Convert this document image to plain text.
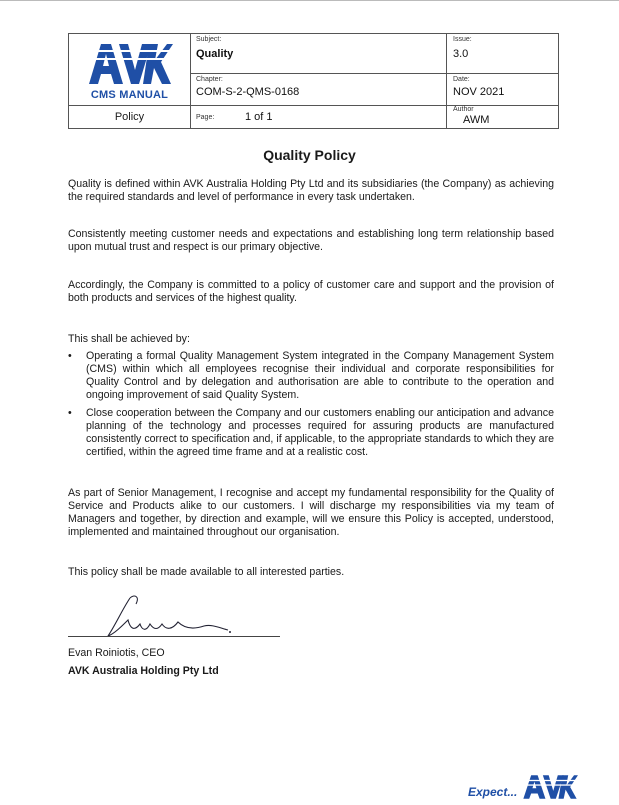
CMS MANUAL
Policy
Subject:
Quality
Issue:
3.0
Chapter:
COM-S-2-QMS-0168
Date:
NOV 2021
Page:	1 of 1
Author
AWM
Quality Policy

Quality is defined within AVK Australia Holding Pty Ltd and its subsidiaries (the Company) as achieving the required standards and level of performance in every task undertaken.

Consistently meeting customer needs and expectations and establishing long term relationship based upon mutual trust and respect is our primary objective.

Accordingly, the Company is committed to a policy of customer care and support and the provision of both products and services of the highest quality.

This shall be achieved by:

• Operating a formal Quality Management System integrated in the Company Management System (CMS) within which all employees recognise their individual and corporate responsibilities for Quality Control and by delegation and authorisation are able to contribute to the operation and ongoing improvement of said Quality System.
• Close cooperation between the Company and our customers enabling our anticipation and advance planning of the technology and processes required for assuring products are manufactured consistently correct to specification and, if applicable, to the appropriate standards to which they are certified, within the agreed time frame and at a realistic cost.

As part of Senior Management, I recognise and accept my fundamental responsibility for the Quality of Service and Products alike to our customers. I will discharge my responsibilities via my team of Managers and together, by direction and example, will we ensure this Policy is accepted, understood, implemented and maintained throughout our organisation.

This policy shall be made available to all interested parties.

Evan Roiniotis, CEO
AVK Australia Holding Pty Ltd
Expect...
